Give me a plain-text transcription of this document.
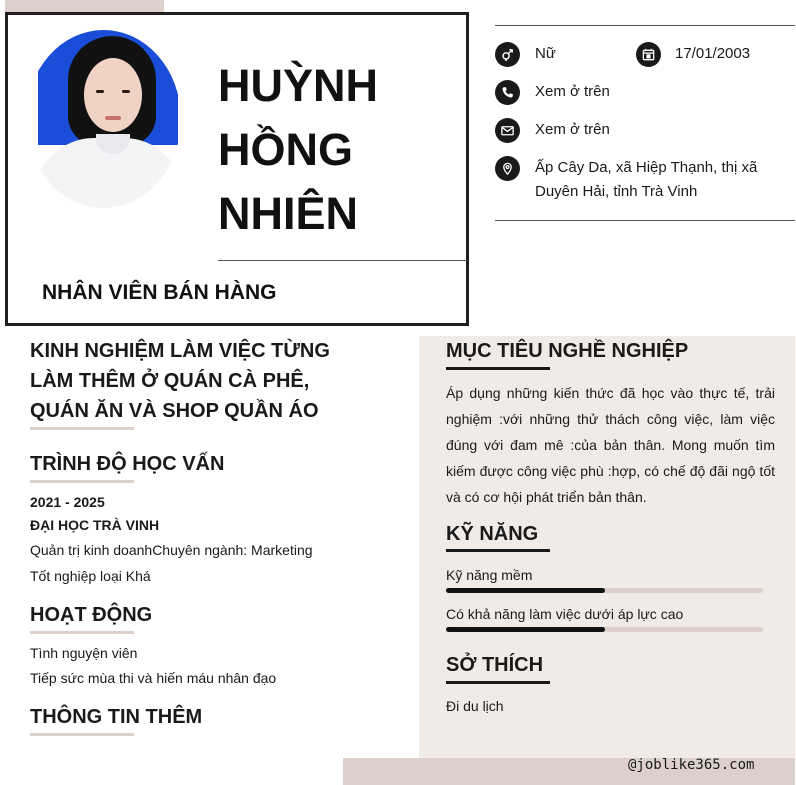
HUỲNH
HỒNG
NHIÊN
NHÂN VIÊN BÁN HÀNG
Nữ	17/01/2003
Xem ở trên
Xem ở trên
Ấp Cây Da, xã Hiệp Thạnh, thị xã
Duyên Hải, tỉnh Trà Vinh
KINH NGHIỆM LÀM VIỆC TỪNG
LÀM THÊM Ở QUÁN CÀ PHÊ,
QUÁN ĂN VÀ SHOP QUẦN ÁO
TRÌNH ĐỘ HỌC VẤN
2021 - 2025
ĐẠI HỌC TRÀ VINH
Quản trị kinh doanhChuyên ngành: Marketing
Tốt nghiệp loại Khá
HOẠT ĐỘNG
Tình nguyện viên
Tiếp sức mùa thi và hiến máu nhân đạo
THÔNG TIN THÊM
MỤC TIÊU NGHỀ NGHIỆP
Áp dụng những kiến thức đã học vào thực tế, trải nghiệm :với những thử thách công việc, làm việc đúng với đam mê :của bản thân. Mong muốn tìm kiếm được công việc phù :hợp, có chế độ đãi ngộ tốt và có cơ hội phát triển bản thân.
KỸ NĂNG
Kỹ năng mềm
Có khả năng làm việc dưới áp lực cao
SỞ THÍCH
Đi du lịch
@joblike365.com
